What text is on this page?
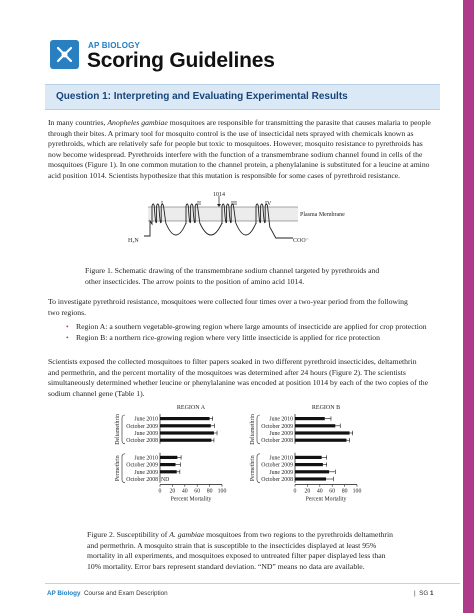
AP BIOLOGY
Scoring Guidelines
Question 1: Interpreting and Evaluating Experimental Results
In many countries, Anopheles gambiae mosquitoes are responsible for transmitting the parasite that causes malaria to people
through their bites. A primary tool for mosquito control is the use of insecticidal nets sprayed with chemicals known as
pyrethroids, which are relatively safe for people but toxic to mosquitoes. However, mosquito resistance to pyrethroids has
now become widespread. Pyrethroids interfere with the function of a transmembrane sodium channel found in cells of the
mosquitoes (Figure 1). In one common mutation to the channel protein, a phenylalanine is substituted for a leucine at amino
acid position 1014. Scientists hypothesize that this mutation is responsible for some cases of pyrethroid resistance.
1014
I	II	III	IV
Plasma Membrane
H₃N	COO⁻
Figure 1. Schematic drawing of the transmembrane sodium channel targeted by pyrethroids and
other insecticides. The arrow points to the position of amino acid 1014.
To investigate pyrethroid resistance, mosquitoes were collected four times over a two-year period from the following
two regions.
• Region A: a southern vegetable-growing region where large amounts of insecticide are applied for crop protection
• Region B: a northern rice-growing region where very little insecticide is applied for rice protection
Scientists exposed the collected mosquitoes to filter papers soaked in two different pyrethroid insecticides, deltamethrin
and permethrin, and the percent mortality of the mosquitoes was determined after 24 hours (Figure 2). The scientists
simultaneously determined whether leucine or phenylalanine was encoded at position 1014 by each of the two copies of the
sodium channel gene (Table 1).
REGION A
June 2010
October 2009
June 2009
October 2008
Deltamethrin
June 2010
October 2009
June 2009
October 2008 ND
Permethrin
0 20 40 60 80 100
Percent Mortality
REGION B
June 2010
October 2009
June 2009
October 2008
Deltamethrin
June 2010
October 2009
June 2009
October 2008
Permethrin
0 20 40 60 80 100
Percent Mortality
Figure 2. Susceptibility of A. gambiae mosquitoes from two regions to the pyrethroids deltamethrin
and permethrin. A mosquito strain that is susceptible to the insecticides displayed at least 95%
mortality in all experiments, and mosquitoes exposed to untreated filter paper displayed less than
10% mortality. Error bars represent standard deviation. “ND” means no data are available.
AP Biology Course and Exam Description	| SG 1
